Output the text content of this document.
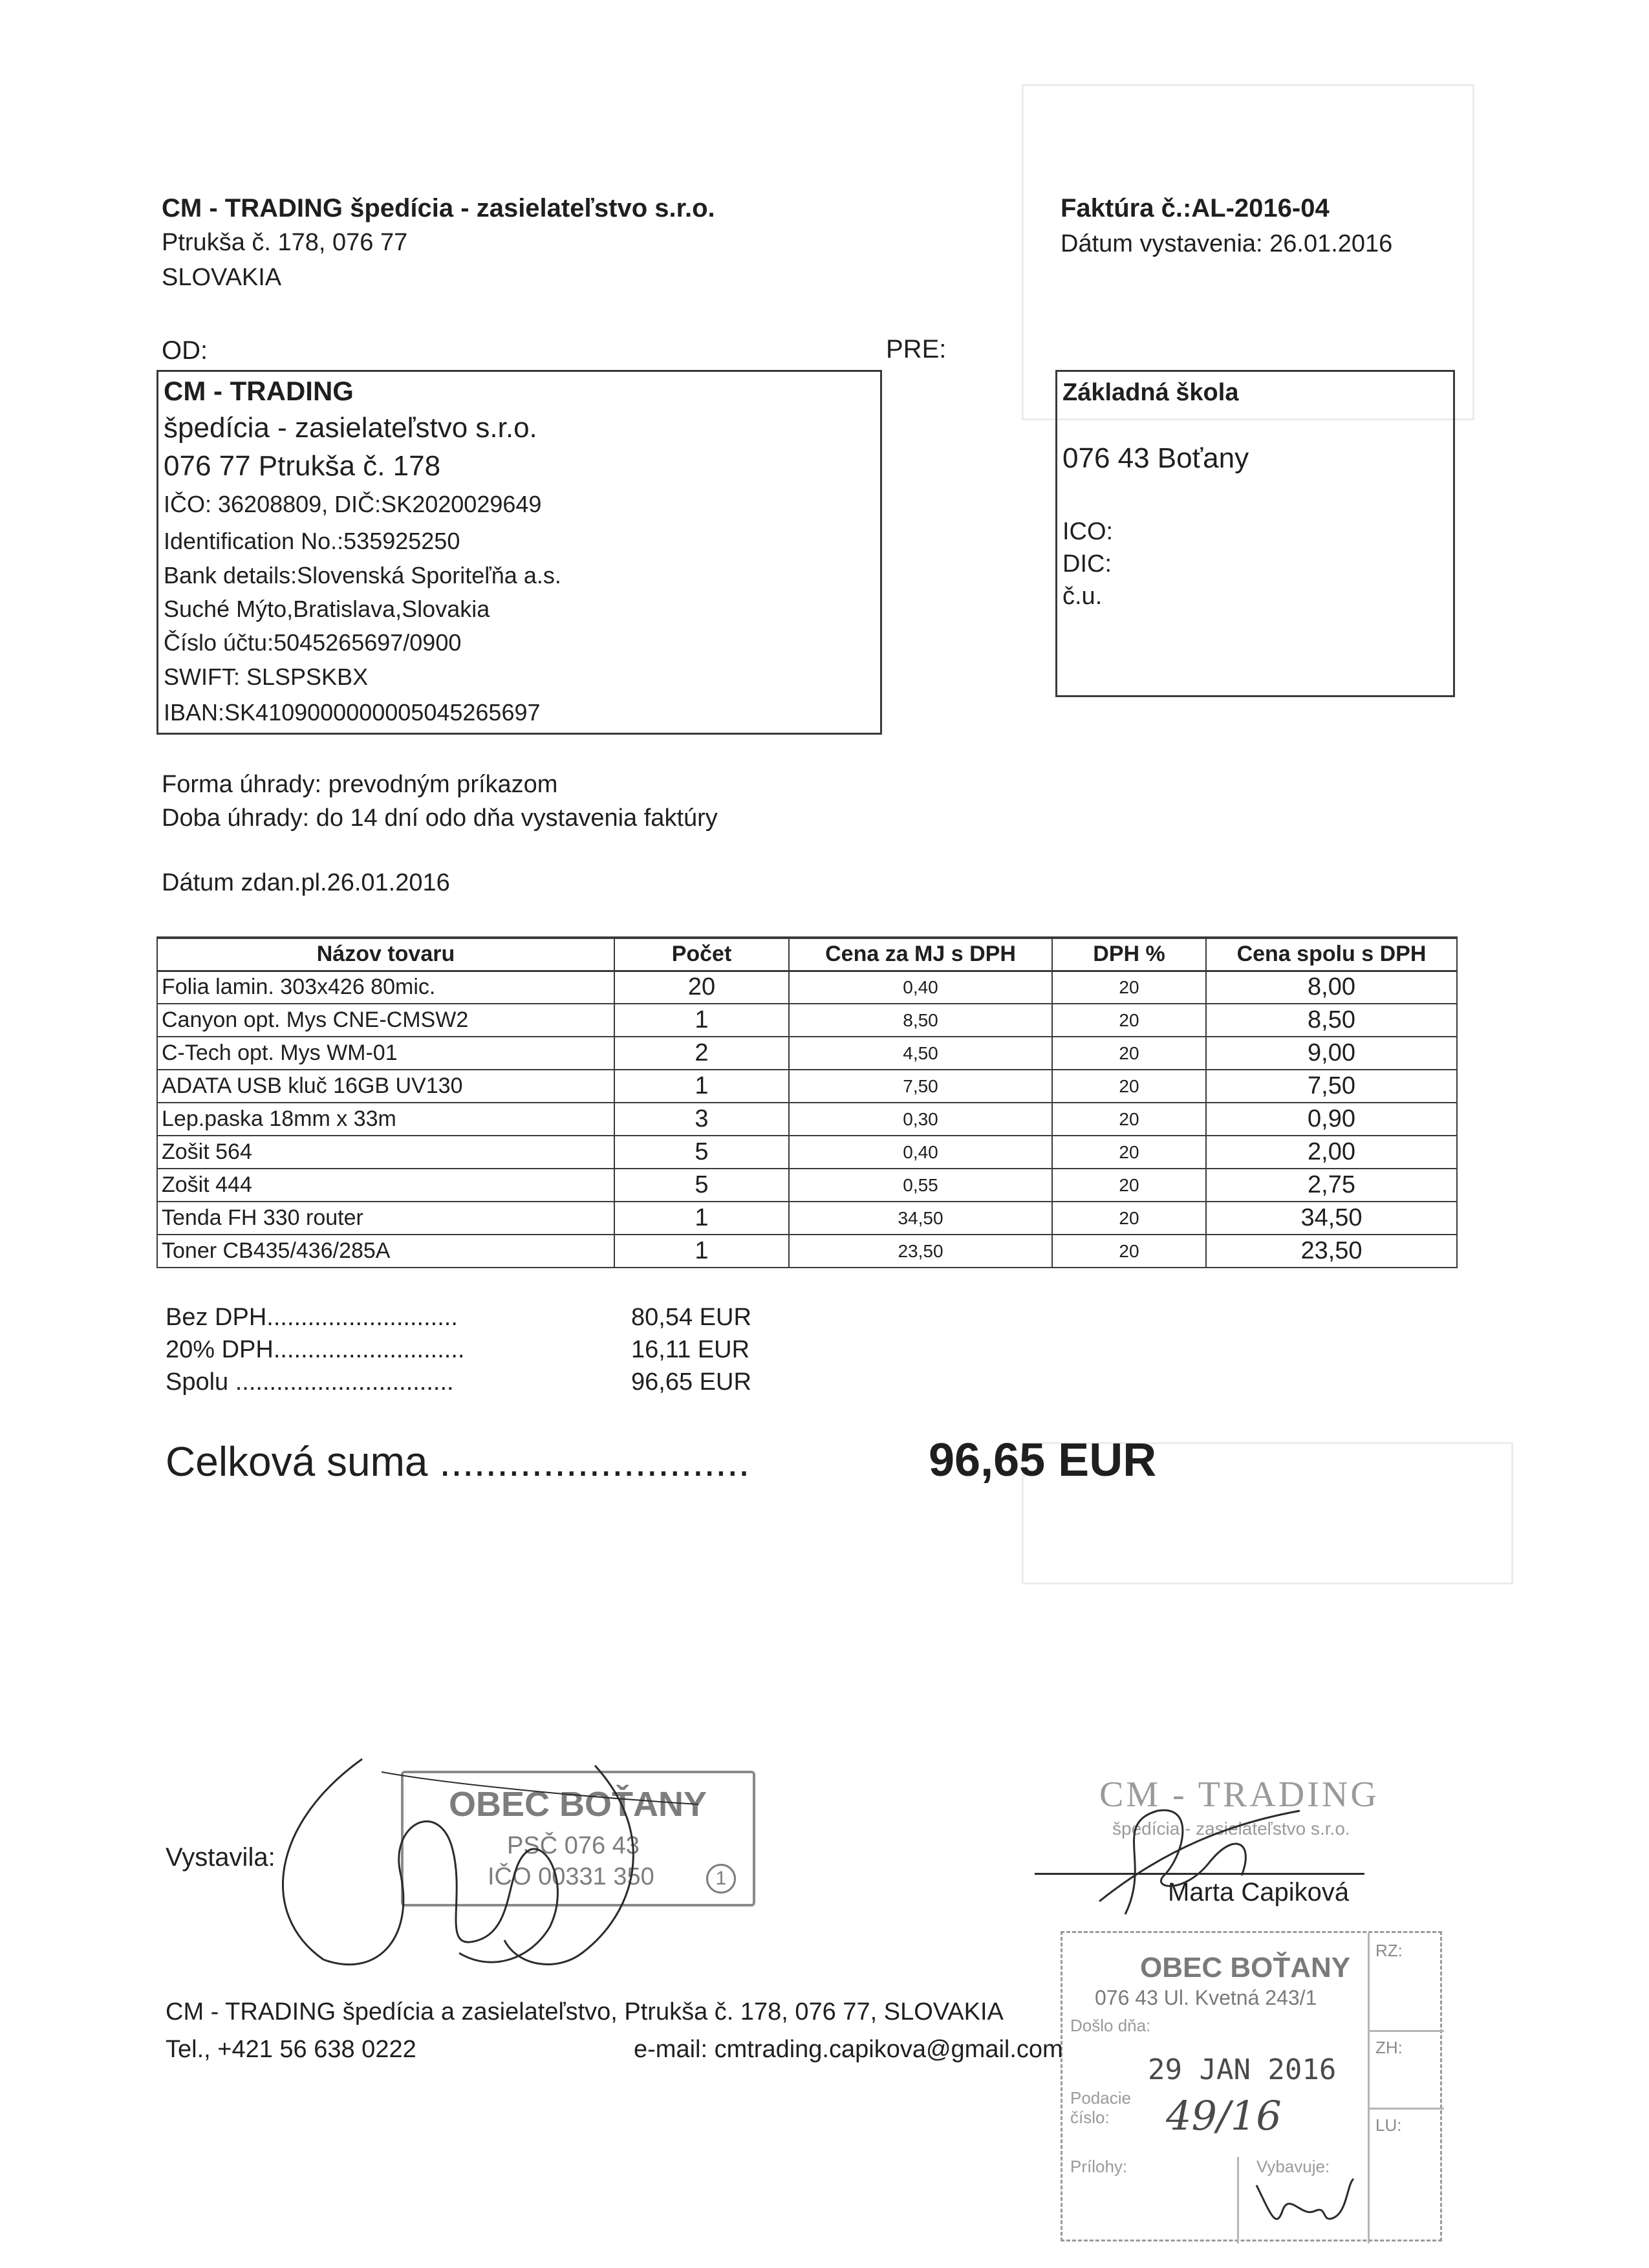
CM - TRADING špedícia - zasielateľstvo s.r.o.
Ptrukša č. 178, 076 77
SLOVAKIA
Faktúra č.:AL-2016-04
Dátum vystavenia: 26.01.2016
OD:	PRE:
CM - TRADING
špedícia - zasielateľstvo s.r.o.
076 77 Ptrukša č. 178
IČO: 36208809, DIČ:SK2020029649
Identification No.:535925250
Bank details:Slovenská Sporiteľňa a.s.
Suché Mýto,Bratislava,Slovakia
Číslo účtu:5045265697/0900
SWIFT: SLSPSKBX
IBAN:SK4109000000005045265697
Základná škola
076 43 Boťany
ICO:
DIC:
č.u.
Forma úhrady: prevodným príkazom
Doba úhrady: do 14 dní odo dňa vystavenia faktúry
Dátum zdan.pl.26.01.2016
Názov tovaru	Počet	Cena za MJ s DPH	DPH %	Cena spolu s DPH
Folia lamin. 303x426 80mic.	20	0,40	20	8,00
Canyon opt. Mys CNE-CMSW2	1	8,50	20	8,50
C-Tech opt. Mys WM-01	2	4,50	20	9,00
ADATA USB kluč 16GB UV130	1	7,50	20	7,50
Lep.paska 18mm x 33m	3	0,30	20	0,90
Zošit 564	5	0,40	20	2,00
Zošit 444	5	0,55	20	2,75
Tenda FH 330 router	1	34,50	20	34,50
Toner CB435/436/285A	1	23,50	20	23,50
Bez DPH............................	80,54 EUR
20% DPH............................	16,11 EUR
Spolu ................................	96,65 EUR
Celková suma ...........................	96,65 EUR
Vystavila:
OBEC BOŤANY
PSČ 076 43
IČO 00331 350	1
CM - TRADING
špedícia - zasielateľstvo s.r.o.
Marta Capiková
RZ:
ZH:
LU:
OBEC BOŤANY
076 43 Ul. Kvetná 243/1
Došlo dňa:
29 JAN 2016
Podacie číslo:	49/16
Prílohy:	Vybavuje:
CM - TRADING špedícia a zasielateľstvo, Ptrukša č. 178, 076 77, SLOVAKIA
Tel., +421 56 638 0222	e-mail: cmtrading.capikova@gmail.com
